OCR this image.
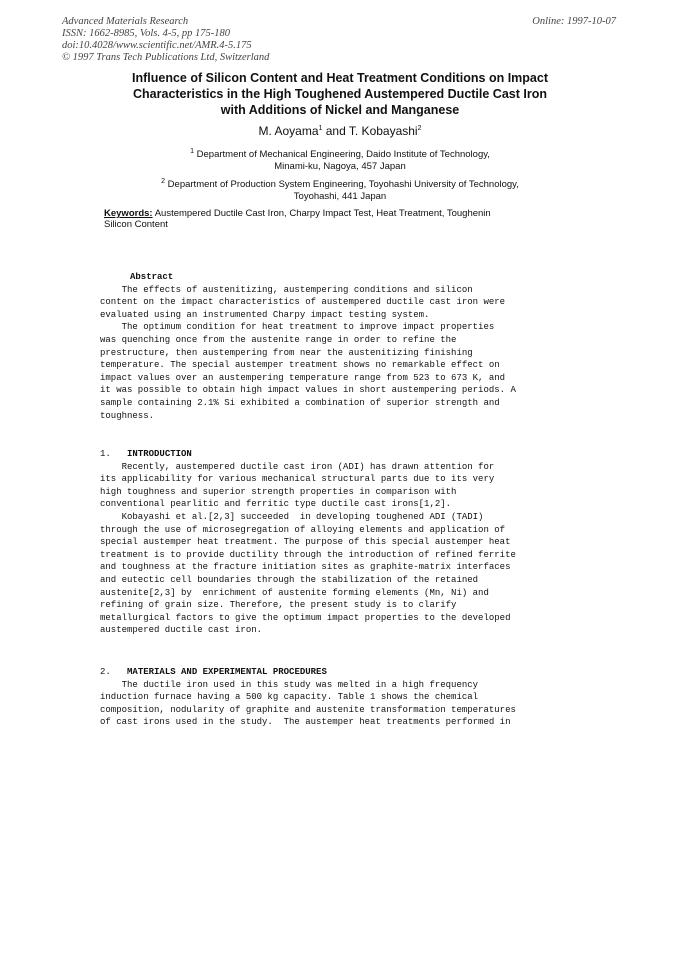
Advanced Materials Research
ISSN: 1662-8985, Vols. 4-5, pp 175-180
doi:10.4028/www.scientific.net/AMR.4-5.175
© 1997 Trans Tech Publications Ltd, Switzerland
Online: 1997-10-07
Influence of Silicon Content and Heat Treatment Conditions on Impact
Characteristics in the High Toughened Austempered Ductile Cast Iron
with Additions of Nickel and Manganese
M. Aoyama$^1$ and T. Kobayashi$^2$
$^1$ Department of Mechanical Engineering, Daido Institute of Technology,
Minami-ku, Nagoya, 457 Japan
$^2$ Department of Production System Engineering, Toyohashi University of Technology,
Toyohashi, 441 Japan
Keywords: Austempered Ductile Cast Iron, Charpy Impact Test, Heat Treatment, Toughenin
Silicon Content
Abstract
The effects of austenitizing, austempering conditions and silicon
content on the impact characteristics of austempered ductile cast iron were
evaluated using an instrumented Charpy impact testing system.
The optimum condition for heat treatment to improve impact properties
was quenching once from the austenite range in order to refine the
prestructure, then austempering from near the austenitizing finishing
temperature. The special austemper treatment shows no remarkable effect on
impact values over an austempering temperature range from 523 to 673 K, and
it was possible to obtain high impact values in short austempering periods. A
sample containing 2.1% Si exhibited a combination of superior strength and
toughness.
1.   INTRODUCTION
Recently, austempered ductile cast iron (ADI) has drawn attention for
its applicability for various mechanical structural parts due to its very
high toughness and superior strength properties in comparison with
conventional pearlitic and ferritic type ductile cast irons[1,2].
Kobayashi et al.[2,3] succeeded  in developing toughened ADI (TADI)
through the use of microsegregation of alloying elements and application of
special austemper heat treatment. The purpose of this special austemper heat
treatment is to provide ductility through the introduction of refined ferrite
and toughness at the fracture initiation sites as graphite-matrix interfaces
and eutectic cell boundaries through the stabilization of the retained
austenite[2,3] by  enrichment of austenite forming elements (Mn, Ni) and
refining of grain size. Therefore, the present study is to clarify
metallurgical factors to give the optimum impact properties to the developed
austempered ductile cast iron.
2.   MATERIALS AND EXPERIMENTAL PROCEDURES
The ductile iron used in this study was melted in a high frequency
induction furnace having a 500 kg capacity. Table 1 shows the chemical
composition, nodularity of graphite and austenite transformation temperatures
of cast irons used in the study.  The austemper heat treatments performed in
